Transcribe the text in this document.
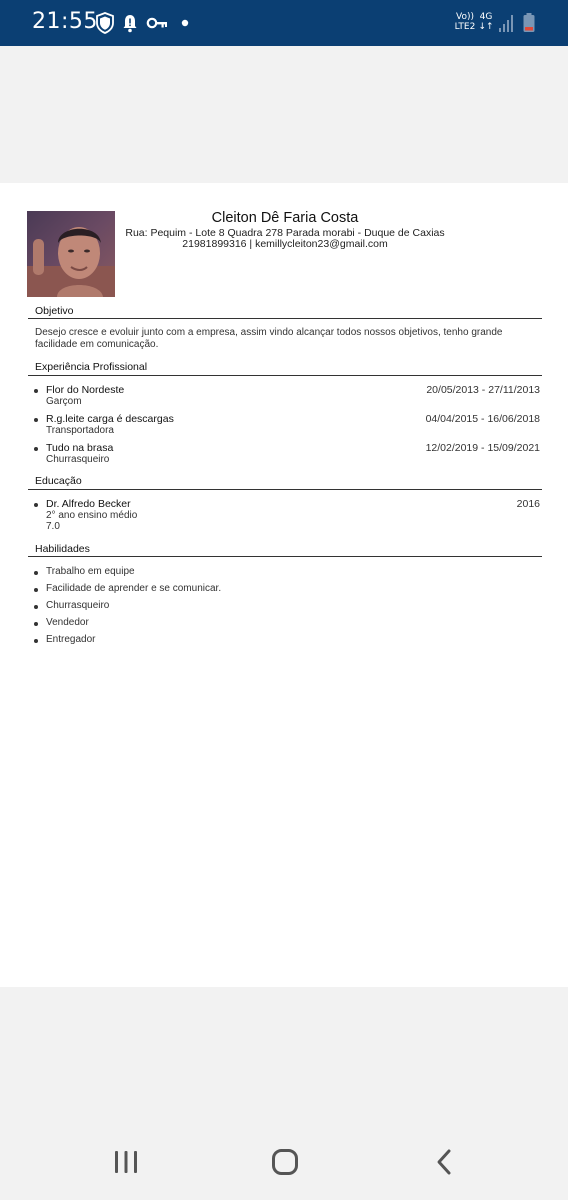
21:55	Vo))
LTE2
4G
↓↑
Cleiton Dê Faria Costa
Rua: Pequim - Lote 8 Quadra 278 Parada morabi - Duque de Caxias
21981899316 | kemillycleiton23@gmail.com
Objetivo
Desejo cresce e evoluir junto com a empresa, assim vindo alcançar todos nossos objetivos, tenho grande facilidade em comunicação.
Experiência Profissional
Flor do Nordeste	20/05/2013 - 27/11/2013
Garçom
R.g.leite carga é descargas	04/04/2015 - 16/06/2018
Transportadora
Tudo na brasa	12/02/2019 - 15/09/2021
Churrasqueiro
Educação
Dr. Alfredo Becker	2016
2° ano ensino médio
7.0
Habilidades
Trabalho em equipe
Facilidade de aprender e se comunicar.
Churrasqueiro
Vendedor
Entregador
